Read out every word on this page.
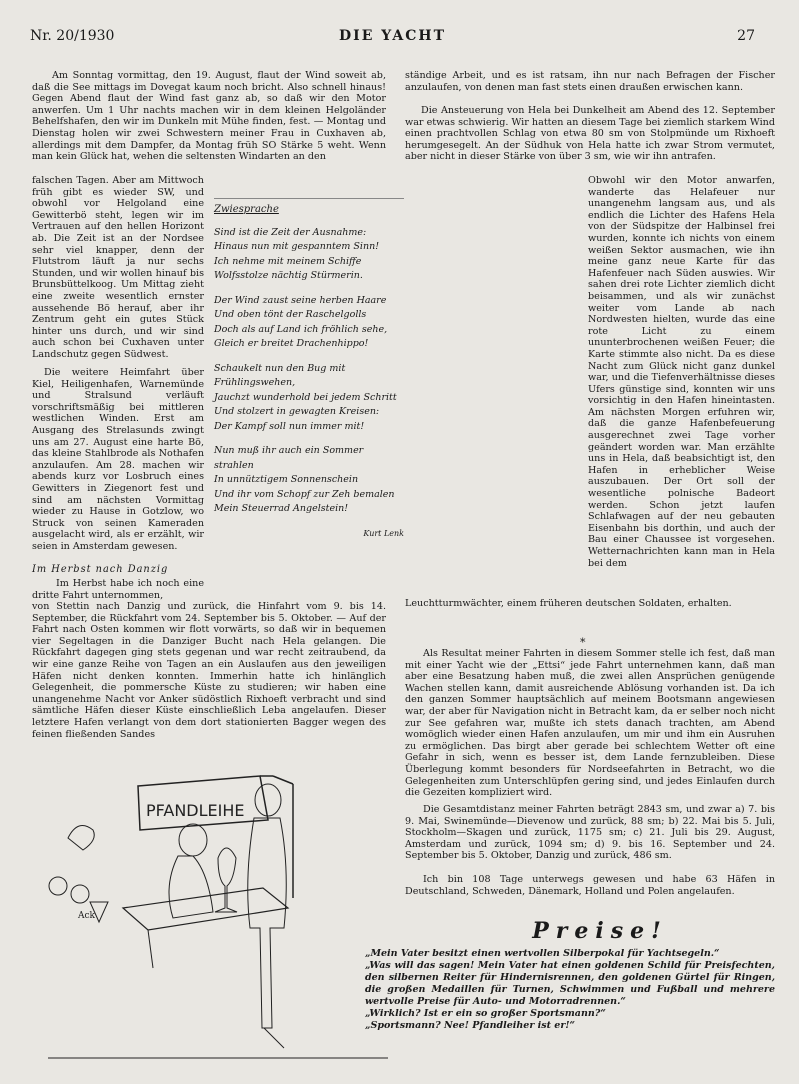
Nr. 20/1930	DIE YACHT	27

Am Sonntag vormittag, den 19. August, flaut der Wind soweit ab, daß die See mittags im Dovegat kaum noch bricht. Also schnell hinaus! Gegen Abend flaut der Wind fast ganz ab, so daß wir den Motor anwerfen. Um 1 Uhr nachts machen wir in dem kleinen Helgoländer Behelfshafen, den wir im Dunkeln mit Mühe finden, fest. — Montag und Dienstag holen wir zwei Schwestern meiner Frau in Cuxhaven ab, allerdings mit dem Dampfer, da Montag früh SO Stärke 5 weht. Wenn man kein Glück hat, wehen die seltensten Windarten an den

falschen Tagen. Aber am Mittwoch früh gibt es wieder SW, und obwohl vor Helgoland eine Gewitterbö steht, legen wir im Vertrauen auf den hellen Horizont ab. Die Zeit ist an der Nordsee sehr viel knapper, denn der Flutstrom läuft ja nur sechs Stunden, und wir wollen hinauf bis Brunsbüttelkoog. Um Mittag zieht eine zweite wesentlich ernster aussehende Bö herauf, aber ihr Zentrum geht ein gutes Stück hinter uns durch, und wir sind auch schon bei Cuxhaven unter Landschutz gegen Südwest.

Die weitere Heimfahrt über Kiel, Heiligenhafen, Warnemünde und Stralsund verläuft vorschriftsmäßig bei mittleren westlichen Winden. Erst am Ausgang des Strelasunds zwingt uns am 27. August eine harte Bö, das kleine Stahlbrode als Nothafen anzulaufen. Am 28. machen wir abends kurz vor Losbruch eines Gewitters in Ziegenort fest und sind am nächsten Vormittag wieder zu Hause in Gotzlow, wo Struck von seinen Kameraden ausgelacht wird, als er erzählt, wir seien in Amsterdam gewesen.

Im Herbst nach Danzig

Im Herbst habe ich noch eine dritte Fahrt unternommen,

von Stettin nach Danzig und zurück, die Hinfahrt vom 9. bis 14. September, die Rückfahrt vom 24. September bis 5. Oktober. — Auf der Fahrt nach Osten kommen wir flott vorwärts, so daß wir in bequemen vier Segeltagen in die Danziger Bucht nach Hela gelangen. Die Rückfahrt dagegen ging stets gegenan und war recht zeitraubend, da wir eine ganze Reihe von Tagen an ein Auslaufen aus den jeweiligen Häfen nicht denken konnten. Immerhin hatte ich hinlänglich Gelegenheit, die pommersche Küste zu studieren; wir haben eine unangenehme Nacht vor Anker südöstlich Rixhoeft verbracht und sind sämtliche Häfen dieser Küste einschließlich Leba angelaufen. Dieser letztere Hafen verlangt von dem dort stationierten Bagger wegen des feinen fließenden Sandes

Zwiesprache

Sind ist die Zeit der Ausnahme:
Hinaus nun mit gespanntem Sinn!
Ich nehme mit meinem Schiffe
Wolfsstolze nächtig Stürmerin.

Der Wind zaust seine herben Haare
Und oben tönt der Raschelgolls
Doch als auf Land ich fröhlich sehe,
Gleich er breitet Drachenhippo!

Schaukelt nun den Bug mit Frühlingswehen,
Jauchzt wunderhold bei jedem Schritt
Und stolzert in gewagten Kreisen:
Der Kampf soll nun immer mit!

Nun muß ihr auch ein Sommer strahlen
In unnütztigem Sonnenschein
Und ihr vom Schopf zur Zeh bemalen
Mein Steuerrad Angelstein!

Kurt Lenk

ständige Arbeit, und es ist ratsam, ihn nur nach Befragen der Fischer anzulaufen, von denen man fast stets einen draußen erwischen kann.

Die Ansteuerung von Hela bei Dunkelheit am Abend des 12. September war etwas schwierig. Wir hatten an diesem Tage bei ziemlich starkem Wind einen prachtvollen Schlag von etwa 80 sm von Stolpmünde um Rixhoeft herumgesegelt. An der Südhuk von Hela hatte ich zwar Strom vermutet, aber nicht in dieser Stärke von über 3 sm, wie wir ihn antrafen.

Obwohl wir den Motor anwarfen, wanderte das Helafeuer nur unangenehm langsam aus, und als endlich die Lichter des Hafens Hela von der Südspitze der Halbinsel frei wurden, konnte ich nichts von einem weißen Sektor ausmachen, wie ihn meine ganz neue Karte für das Hafenfeuer nach Süden auswies. Wir sahen drei rote Lichter ziemlich dicht beisammen, und als wir zunächst weiter vom Lande ab nach Nordwesten hielten, wurde das eine rote Licht zu einem ununterbrochenen weißen Feuer; die Karte stimmte also nicht. Da es diese Nacht zum Glück nicht ganz dunkel war, und die Tiefenverhältnisse dieses Ufers günstige sind, konnten wir uns vorsichtig in den Hafen hineintasten. Am nächsten Morgen erfuhren wir, daß die ganze Hafenbefeuerung ausgerechnet zwei Tage vorher geändert worden war. Man erzählte uns in Hela, daß beabsichtigt ist, den Hafen in erheblicher Weise auszubauen. Der Ort soll der wesentliche polnische Badeort werden. Schon jetzt laufen Schlafwagen auf der neu gebauten Eisenbahn bis dorthin, und auch der Bau einer Chaussee ist vorgesehen. Wetternachrichten kann man in Hela bei dem

Leuchtturmwächter, einem früheren deutschen Soldaten, erhalten.

*

Als Resultat meiner Fahrten in diesem Sommer stelle ich fest, daß man mit einer Yacht wie der „Ettsi“ jede Fahrt unternehmen kann, daß man aber eine Besatzung haben muß, die zwei allen Ansprüchen genügende Wachen stellen kann, damit ausreichende Ablösung vorhanden ist. Da ich den ganzen Sommer hauptsächlich auf meinem Bootsmann angewiesen war, der aber für Navigation nicht in Betracht kam, da er selber noch nicht zur See gefahren war, mußte ich stets danach trachten, am Abend womöglich wieder einen Hafen anzulaufen, um mir und ihm ein Ausruhen zu ermöglichen. Das birgt aber gerade bei schlechtem Wetter oft eine Gefahr in sich, wenn es besser ist, dem Lande fernzubleiben. Diese Überlegung kommt besonders für Nordseefahrten in Betracht, wo die Gelegenheiten zum Unterschlüpfen gering sind, und jedes Einlaufen durch die Gezeiten kompliziert wird.

Die Gesamtdistanz meiner Fahrten beträgt 2843 sm, und zwar a) 7. bis 9. Mai, Swinemünde—Dievenow und zurück, 88 sm; b) 22. Mai bis 5. Juli, Stockholm—Skagen und zurück, 1175 sm; c) 21. Juli bis 29. August, Amsterdam und zurück, 1094 sm; d) 9. bis 16. September und 24. September bis 5. Oktober, Danzig und zurück, 486 sm.

Ich bin 108 Tage unterwegs gewesen und habe 63 Häfen in Deutschland, Schweden, Dänemark, Holland und Polen angelaufen.

PFANDLEIHE
Ack
Preise!

„Mein Vater besitzt einen wertvollen Silberpokal für Yachtsegeln.“

„Was will das sagen! Mein Vater hat einen goldenen Schild für Preisfechten, den silbernen Reiter für Hindernisrennen, den goldenen Gürtel für Ringen, die großen Medaillen für Turnen, Schwimmen und Fußball und mehrere wertvolle Preise für Auto- und Motorradrennen.“

„Wirklich? Ist er ein so großer Sportsmann?“

„Sportsmann? Nee! Pfandleiher ist er!“
